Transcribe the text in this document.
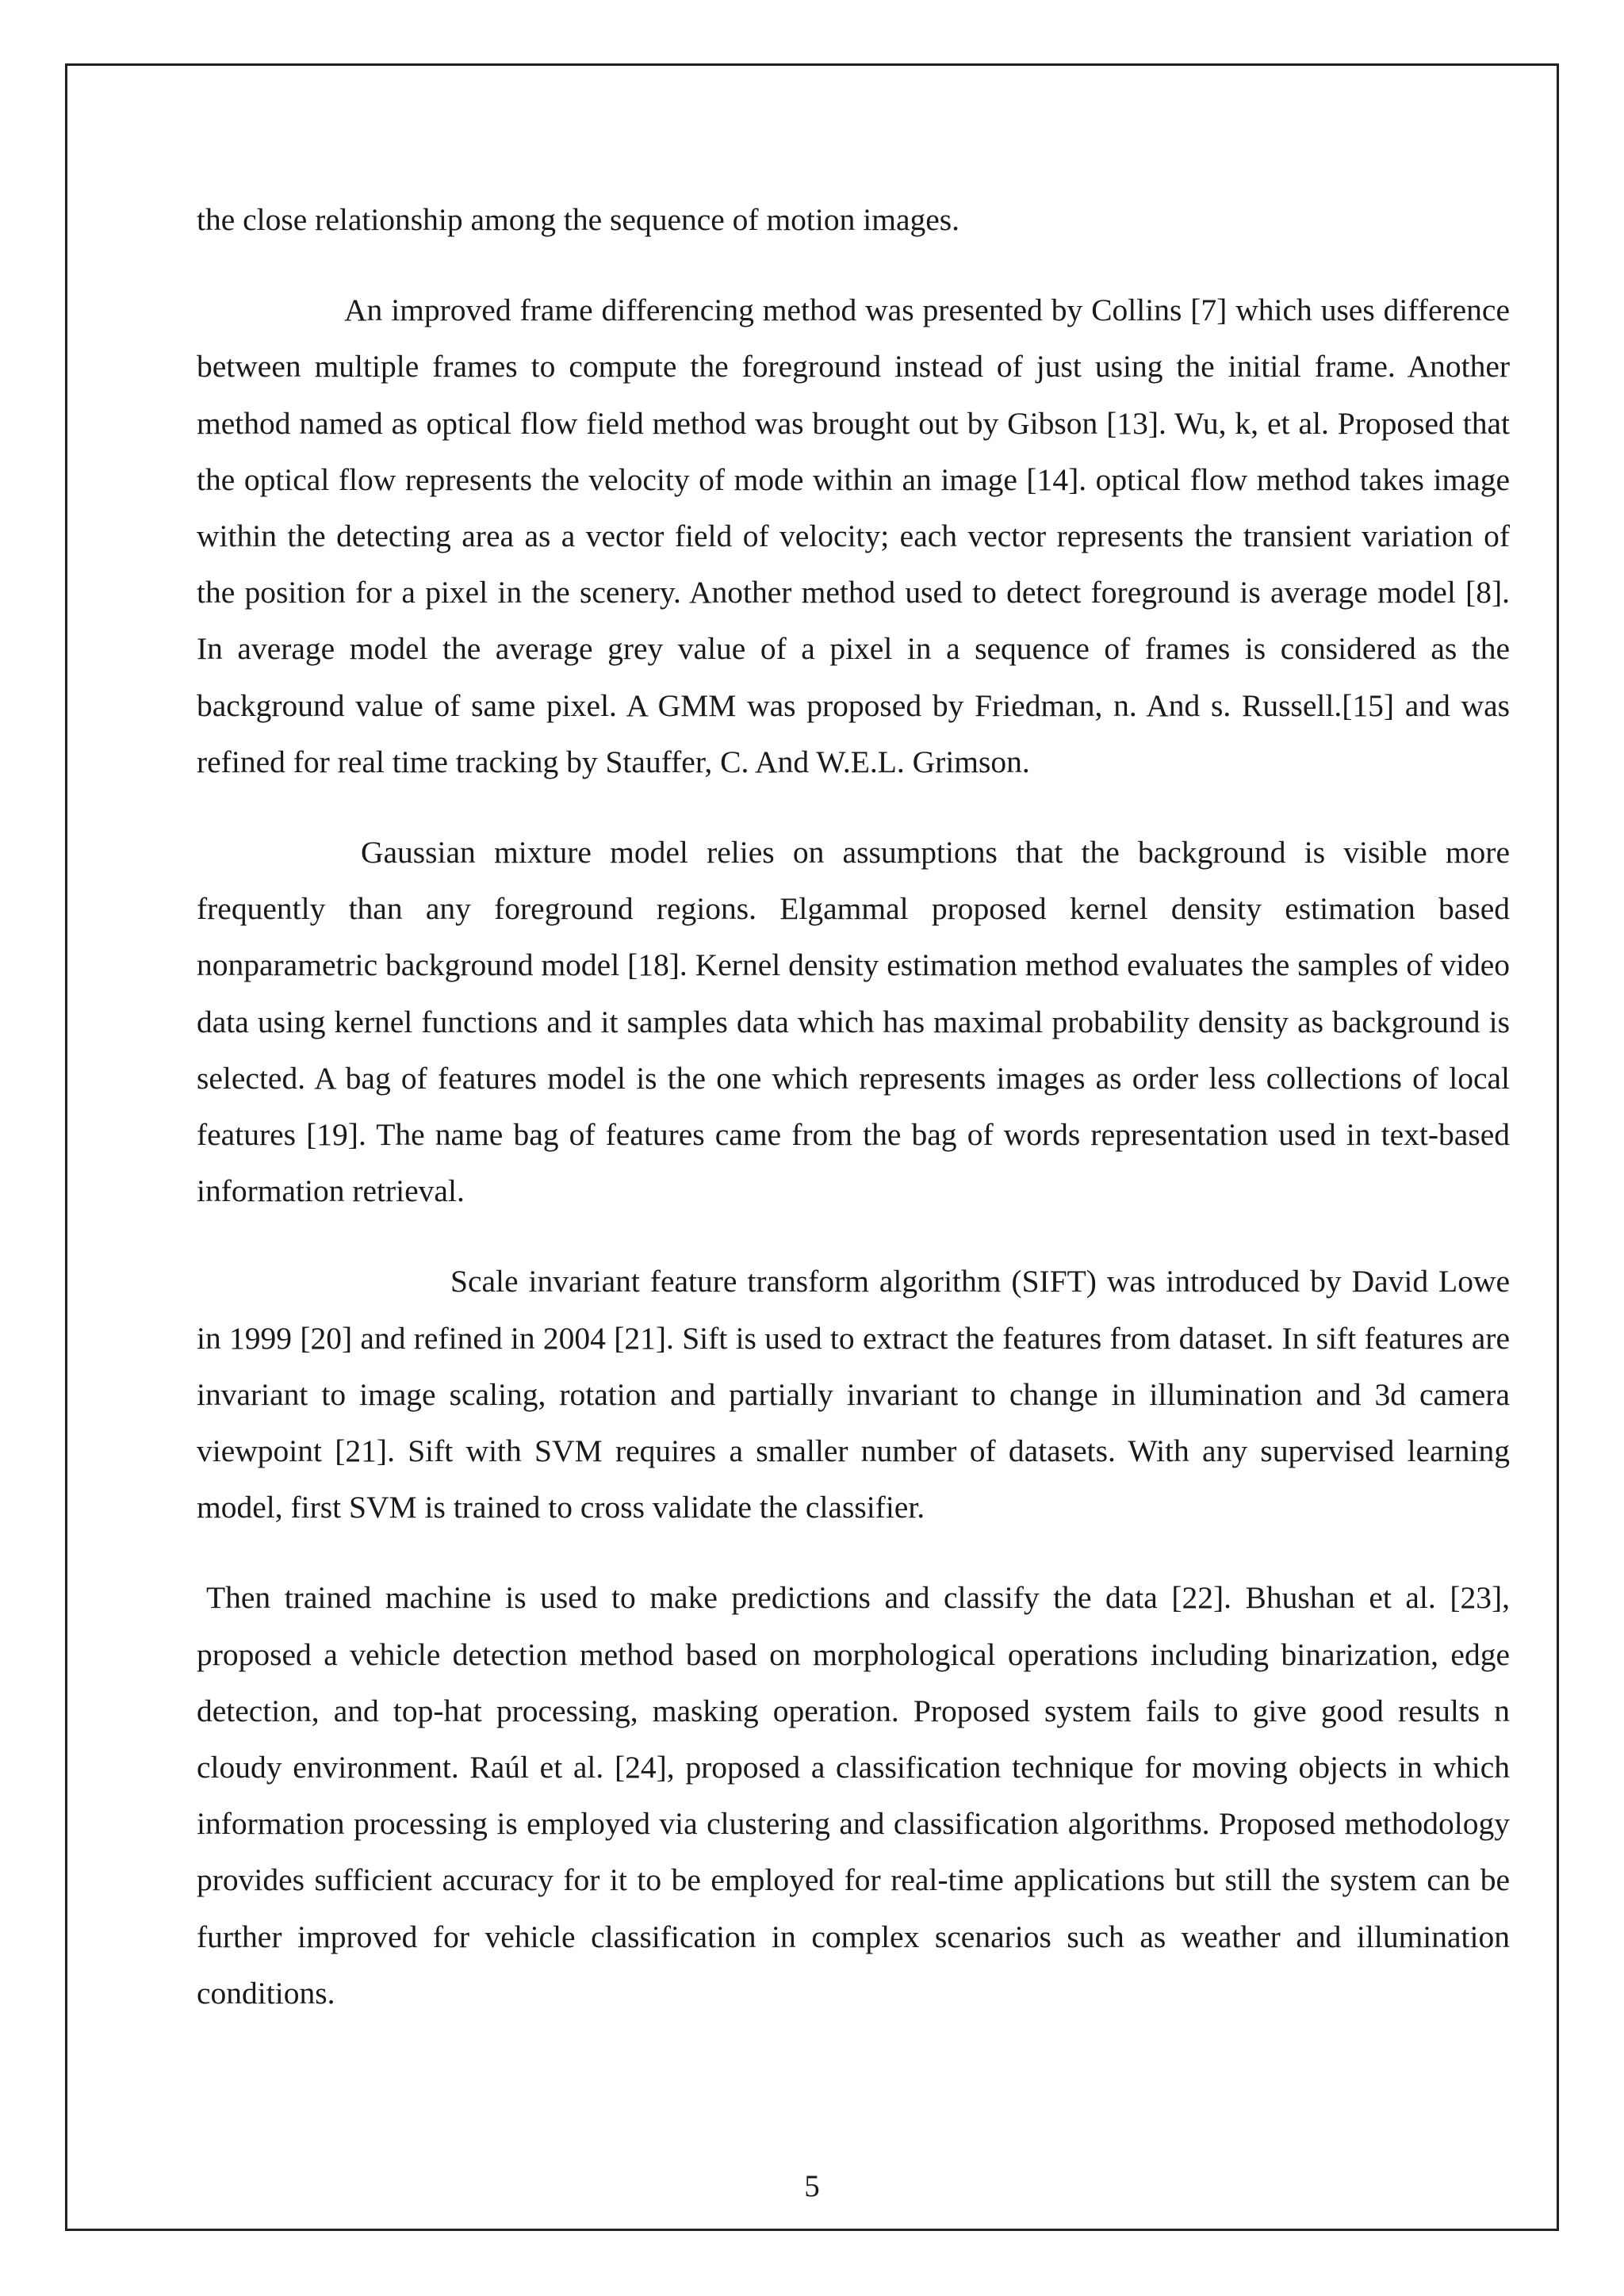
the close relationship among the sequence of motion images.

An improved frame differencing method was presented by Collins [7] which uses difference between multiple frames to compute the foreground instead of just using the initial frame. Another method named as optical flow field method was brought out by Gibson [13]. Wu, k, et al. Proposed that the optical flow represents the velocity of mode within an image [14]. optical flow method takes image within the detecting area as a vector field of velocity; each vector represents the transient variation of the position for a pixel in the scenery. Another method used to detect foreground is average model [8]. In average model the average grey value of a pixel in a sequence of frames is considered as the background value of same pixel. A GMM was proposed by Friedman, n. And s. Russell.[15] and was refined for real time tracking by Stauffer, C. And W.E.L. Grimson.

Gaussian mixture model relies on assumptions that the background is visible more frequently than any foreground regions. Elgammal proposed kernel density estimation based nonparametric background model [18]. Kernel density estimation method evaluates the samples of video data using kernel functions and it samples data which has maximal probability density as background is selected. A bag of features model is the one which represents images as order less collections of local features [19]. The name bag of features came from the bag of words representation used in text-based information retrieval.

Scale invariant feature transform algorithm (SIFT) was introduced by David Lowe in 1999 [20] and refined in 2004 [21]. Sift is used to extract the features from dataset. In sift features are invariant to image scaling, rotation and partially invariant to change in illumination and 3d camera viewpoint [21]. Sift with SVM requires a smaller number of datasets. With any supervised learning model, first SVM is trained to cross validate the classifier.

Then trained machine is used to make predictions and classify the data [22]. Bhushan et al. [23], proposed a vehicle detection method based on morphological operations including binarization, edge detection, and top-hat processing, masking operation. Proposed system fails to give good results n cloudy environment. Raúl et al. [24], proposed a classification technique for moving objects in which information processing is employed via clustering and classification algorithms. Proposed methodology provides sufficient accuracy for it to be employed for real-time applications but still the system can be further improved for vehicle classification in complex scenarios such as weather and illumination conditions.

5
